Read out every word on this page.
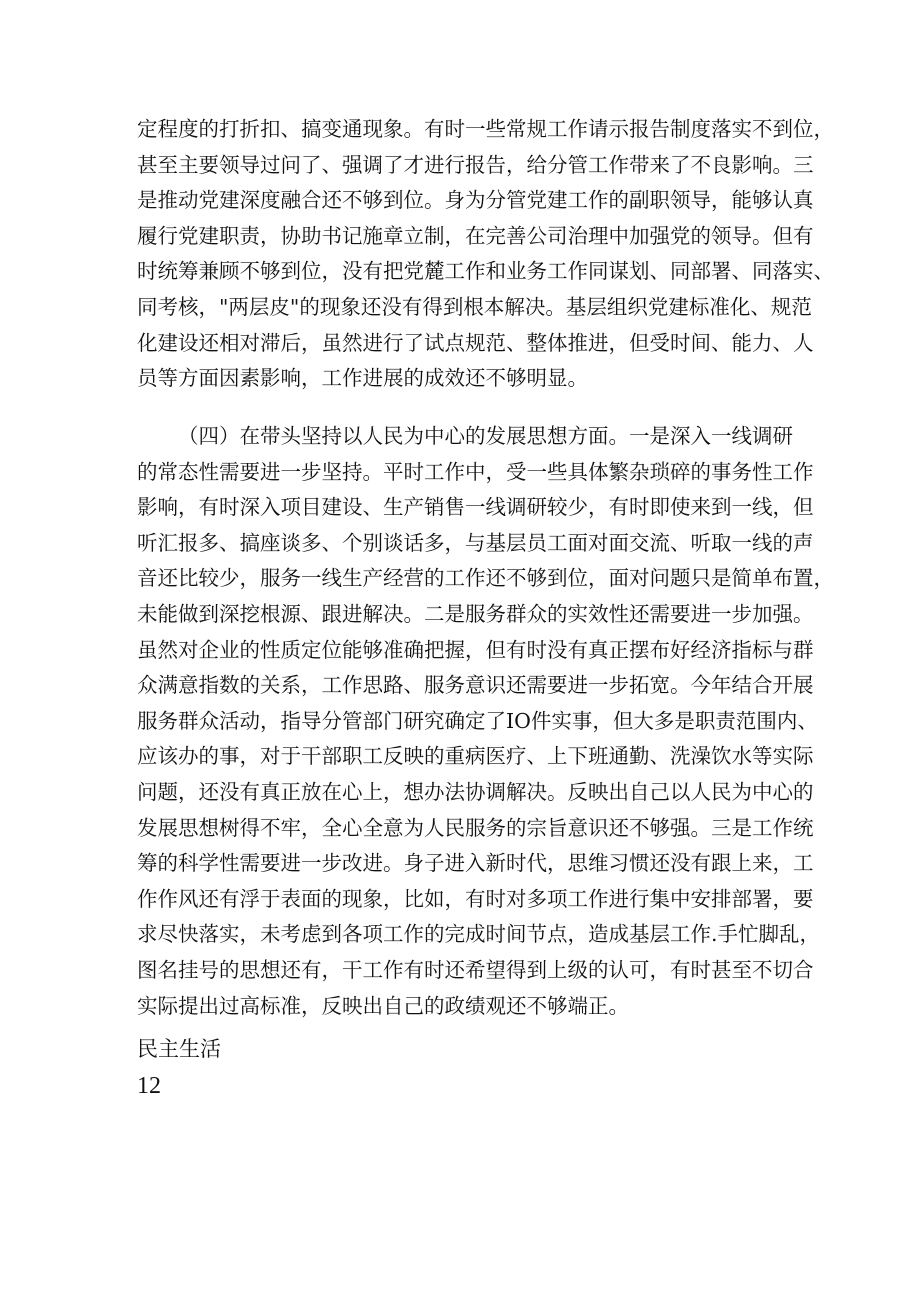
定程度的打折扣、搞变通现象。有时一些常规工作请示报告制度落实不到位，

甚至主要领导过问了、强调了才进行报告，给分管工作带来了不良影响。三

是推动党建深度融合还不够到位。身为分管党建工作的副职领导，能够认真

履行党建职责，协助书记施章立制，在完善公司治理中加强党的领导。但有

时统筹兼顾不够到位，没有把党麓工作和业务工作同谋划、同部署、同落实、

同考核，"两层皮"的现象还没有得到根本解决。基层组织党建标准化、规范

化建设还相对滞后，虽然进行了试点规范、整体推进，但受时间、能力、人

员等方面因素影响，工作进展的成效还不够明显。

（四）在带头坚持以人民为中心的发展思想方面。一是深入一线调研

的常态性需要进一步坚持。平时工作中，受一些具体繁杂琐碎的事务性工作

影响，有时深入项目建设、生产销售一线调研较少，有时即使来到一线，但

听汇报多、搞座谈多、个别谈话多，与基层员工面对面交流、听取一线的声

音还比较少，服务一线生产经营的工作还不够到位，面对问题只是简单布置，

未能做到深挖根源、跟进解决。二是服务群众的实效性还需要进一步加强。

虽然对企业的性质定位能够准确把握，但有时没有真正摆布好经济指标与群

众满意指数的关系，工作思路、服务意识还需要进一步拓宽。今年结合开展

服务群众活动，指导分管部门研究确定了IO件实事，但大多是职责范围内、

应该办的事，对于干部职工反映的重病医疗、上下班通勤、洗澡饮水等实际

问题，还没有真正放在心上，想办法协调解决。反映出自己以人民为中心的

发展思想树得不牢，全心全意为人民服务的宗旨意识还不够强。三是工作统

筹的科学性需要进一步改进。身子进入新时代，思维习惯还没有跟上来，工

作作风还有浮于表面的现象，比如，有时对多项工作进行集中安排部署，要

求尽快落实，未考虑到各项工作的完成时间节点，造成基层工作.手忙脚乱，

图名挂号的思想还有，干工作有时还希望得到上级的认可，有时甚至不切合

实际提出过高标准，反映出自己的政绩观还不够端正。

民主生活

12
